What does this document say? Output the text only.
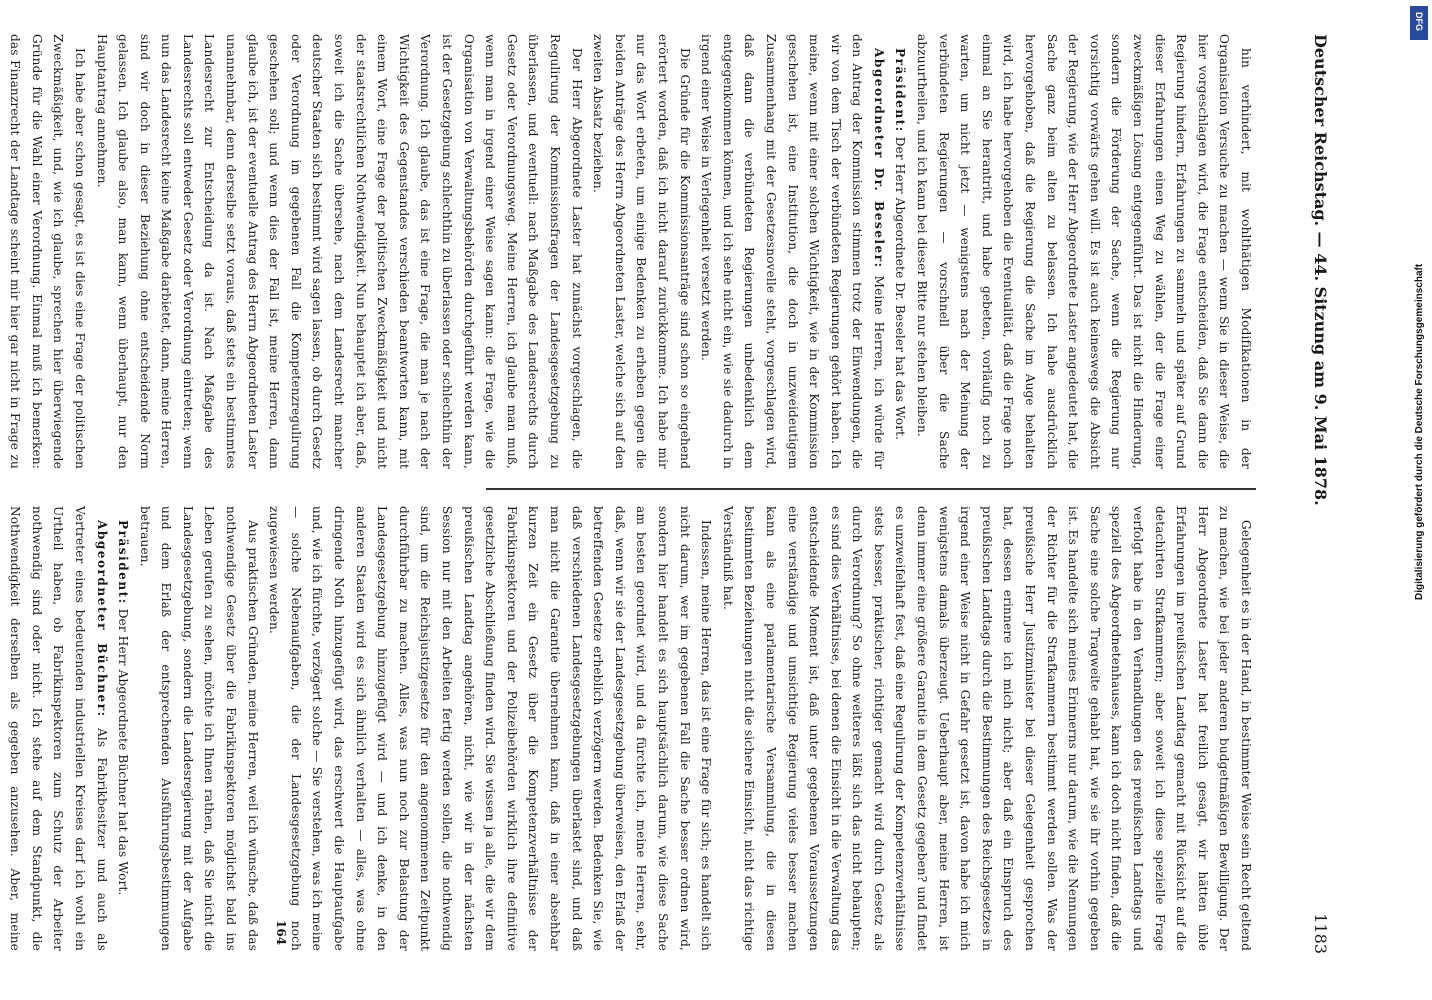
Deutscher Reichstag. — 44. Sitzung am 9. Mai 1878.
1183

hin verhindert, mit wohlthätigen Modifikationen in der Organisation Versuche zu machen — wenn Sie in dieser Weise, die hier vorgeschlagen wird, die Frage entscheiden, daß Sie dann die Regierung hindern, Erfahrungen zu sammeln und später auf Grund dieser Erfahrungen einen Weg zu wählen, der die Frage einer zweckmäßigen Lösung entgegenführt. Das ist nicht die Hinderung, sondern die Förderung der Sache, wenn die Regierung nur vorsichtig vorwärts gehen will. Es ist auch keineswegs die Absicht der Regierung, wie der Herr Abgeordnete Laster angedeutet hat, die Sache ganz beim alten zu belassen. Ich habe ausdrücklich hervorgehoben, daß die Regierung die Sache im Auge behalten wird, ich habe hervorgehoben die Eventualität, daß die Frage noch einmal an Sie herantritt, und habe gebeten, vorläufig noch zu warten, um nicht jetzt — wenigstens nach der Meinung der verbündeten Regierungen — vorschnell über die Sache abzuurtheilen, und ich kann bei dieser Bitte nur stehen bleiben.

Präsident: Der Herr Abgeordnete Dr. Beseler hat das Wort.

Abgeordneter Dr. Beseler: Meine Herren, ich würde für den Antrag der Kommission stimmen trotz der Einwendungen, die wir von dem Tisch der verbündeten Regierungen gehört haben. Ich meine, wenn mit einer solchen Wichtigkeit, wie in der Kommission geschehen ist, eine Institution, die doch in unzweideutigem Zusammenhang mit der Gesetzesnovelle steht, vorgeschlagen wird, daß dann die verbündeten Regierungen unbedenklich dem entgegenkommen können, und ich sehe nicht ein, wie sie dadurch in irgend einer Weise in Verlegenheit versetzt werden.

Die Gründe für die Kommissionsanträge sind schon so eingehend erörtert worden, daß ich nicht darauf zurückkomme. Ich habe mir nur das Wort erbeten, um einige Bedenken zu erheben gegen die beiden Anträge des Herrn Abgeordneten Laster, welche sich auf den zweiten Absatz beziehen.

Der Herr Abgeordnete Laster hat zunächst vorgeschlagen, die Regulirung der Kommissionsfragen der Landesgesetzgebung zu überlassen, und eventuell: nach Maßgabe des Landesrechts durch Gesetz oder Verordnungsweg. Meine Herren, ich glaube man muß, wenn man in irgend einer Weise sagen kann: die Frage, wie die Organisation von Verwaltungsbehörden durchgeführt werden kann, ist der Gesetzgebung schlechthin zu überlassen oder schlechthin der Verordnung. Ich glaube, das ist eine Frage, die man je nach der Wichtigkeit des Gegenstandes verschieden beantworten kann, mit einem Wort, eine Frage der politischen Zweckmäßigkeit und nicht der staatsrechtlichen Nothwendigkeit. Nun behauptet ich aber, daß, soweit ich die Sache übersehe, nach dem Landesrecht mancher deutscher Staaten sich bestimmt wird sagen lassen, ob durch Gesetz oder Verordnung im gegebenen Fall die Kompetenzregulirung geschehen soll; und wenn dies der Fall ist, meine Herren, dann glaube ich, ist der eventuelle Antrag des Herrn Abgeordneten Laster unannehmbar, denn derselbe setzt voraus, daß stets ein bestimmtes Landesrecht zur Entscheidung da ist. Nach Maßgabe des Landesrechts soll entweder Gesetz oder Verordnung eintreten; wenn nun das Landesrecht keine Maßgabe darbietet, dann, meine Herren, sind wir doch in dieser Beziehung ohne entscheidende Norm gelassen. Ich glaube also, man kann, wenn überhaupt, nur den Hauptantrag annehmen.

Ich habe aber schon gesagt, es ist dies eine Frage der politischen Zweckmäßigkeit, und, wie ich glaube, sprechen hier überwiegende Gründe für die Wahl einer Verordnung. Einmal muß ich bemerken: das Finanzrecht der Landtage scheint mir hier gar nicht in Frage zu

Gelegenheit es in der Hand, in bestimmter Weise sein Recht geltend zu machen, wie bei jeder anderen budgetmäßigen Bewilligung. Der Herr Abgeordnete Laster hat freilich gesagt, wir hätten üble Erfahrungen im preußischen Landtag gemacht mit Rücksicht auf die detachirten Strafkammern; aber soweit ich diese spezielle Frage verfolgt habe in den Verhandlungen des preußischen Landtags und speziell des Abgeordnetenhauses, kann ich doch nicht finden, daß die Sache eine solche Tragweite gehabt hat, wie sie ihr vorhin gegeben ist. Es handelte sich meines Erinnerns nur darum, wie die Nennungen der Richter für die Strafkammern bestimmt werden sollen. Was der preußische Herr Justizminister bei dieser Gelegenheit gesprochen hat, dessen erinnere ich mich nicht; aber daß ein Einspruch des preußischen Landtags durch die Bestimmungen des Reichsgesetzes in irgend einer Weise nicht in Gefahr gesetzt ist, davon habe ich mich wenigstens damals überzeugt. Ueberhaupt aber, meine Herren, ist denn immer eine größere Garantie in dem Gesetz gegeben? und findet es unzweifelhaft fest, daß eine Regulirung der Kompetenzverhältnisse stets besser, praktischer, richtiger gemacht wird durch Gesetz als durch Verordnung? So ohne weiteres läßt sich das nicht behaupten; es sind dies Verhältnisse, bei denen die Einsicht in die Verwaltung das entscheidende Moment ist, daß unter gegebenen Voraussetzungen eine verständige und umsichtige Regierung vieles besser machen kann als eine parlamentarische Versammlung, die in diesen bestimmten Beziehungen nicht die sichere Einsicht, nicht das richtige Verständniß hat.

Indessen, meine Herren, das ist eine Frage für sich; es handelt sich nicht darum, wer im gegebenen Fall die Sache besser ordnen wird, sondern hier handelt es sich hauptsächlich darum, wie diese Sache am besten geordnet wird, und da fürchte ich, meine Herren, sehr, daß, wenn wir sie der Landesgesetzgebung überweisen, den Erlaß der betreffenden Gesetze erheblich verzögern werden. Bedenken Sie, wie daß verschiedenen Landesgesetzgebungen überlastet sind, und daß man nicht die Garantie übernehmen kann, daß in einer absehbar kurzen Zeit ein Gesetz über die Kompetenzverhältnisse der Fabrikinspektoren und der Polizeibehörden wirklich ihre definitive gesetzliche Abschließung finden wird. Sie wissen ja alle, die wir dem preußischen Landtag angehören, nicht, wie wir in der nächsten Session nur mit den Arbeiten fertig werden sollen, die nothwendig sind, um die Reichsjustizgesetze für den angenommenen Zeitpunkt durchführbar zu machen. Alles, was nun noch zur Belastung der Landesgesetzgebung hinzugefügt wird — und ich denke, in den anderen Staaten wird es sich ähnlich verhalten — alles, was ohne dringende Noth hinzugefügt wird, das erschwert die Hauptaufgabe und, wie ich fürchte, verzögert solche — Sie verstehen, was ich meine — solche Nebenaufgaben, die der Landesgesetzgebung noch zugewiesen werden.

Aus praktischen Gründen, meine Herren, weil ich wünsche, daß das nothwendige Gesetz über die Fabrikinspektoren möglichst bald ins Leben gerufen zu sehen, möchte ich Ihnen rathen, daß Sie nicht die Landesgesetzgebung, sondern die Landesregierung mit der Aufgabe und dem Erlaß der entsprechenden Ausführungsbestimmungen betrauen.

Präsident: Der Herr Abgeordnete Büchner hat das Wort.

Abgeordneter Büchner: Als Fabrikbesitzer und auch als Vertreter eines bedeutenden industriellen Kreises darf ich wohl ein Urtheil haben, ob Fabrikinspektoren zum Schutz der Arbeiter nothwendig sind oder nicht. Ich stehe auf dem Standpunkt, die Nothwendigkeit derselben als gegeben anzusehen. Aber, meine	164
Digitalisierung gefördert durch die Deutsche Forschungsgemeinschaft
DFG
